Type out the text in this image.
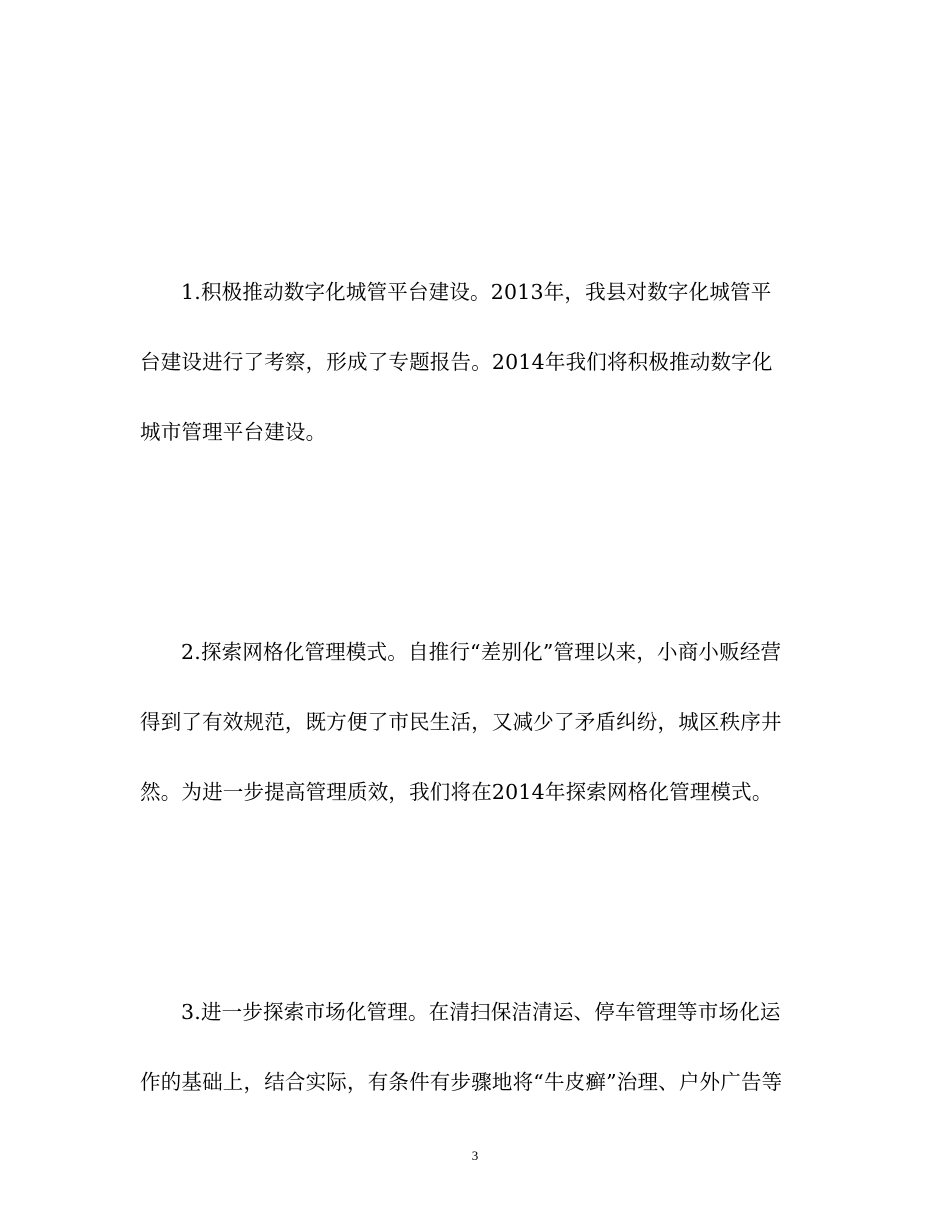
1.积极推动数字化城管平台建设。2013年，我县对数字化城管平
台建设进行了考察，形成了专题报告。2014年我们将积极推动数字化
城市管理平台建设。
2.探索网格化管理模式。自推行“差别化”管理以来，小商小贩经营
得到了有效规范，既方便了市民生活，又减少了矛盾纠纷，城区秩序井
然。为进一步提高管理质效，我们将在2014年探索网格化管理模式。
3.进一步探索市场化管理。在清扫保洁清运、停车管理等市场化运
作的基础上，结合实际，有条件有步骤地将“牛皮癣”治理、户外广告等
3
